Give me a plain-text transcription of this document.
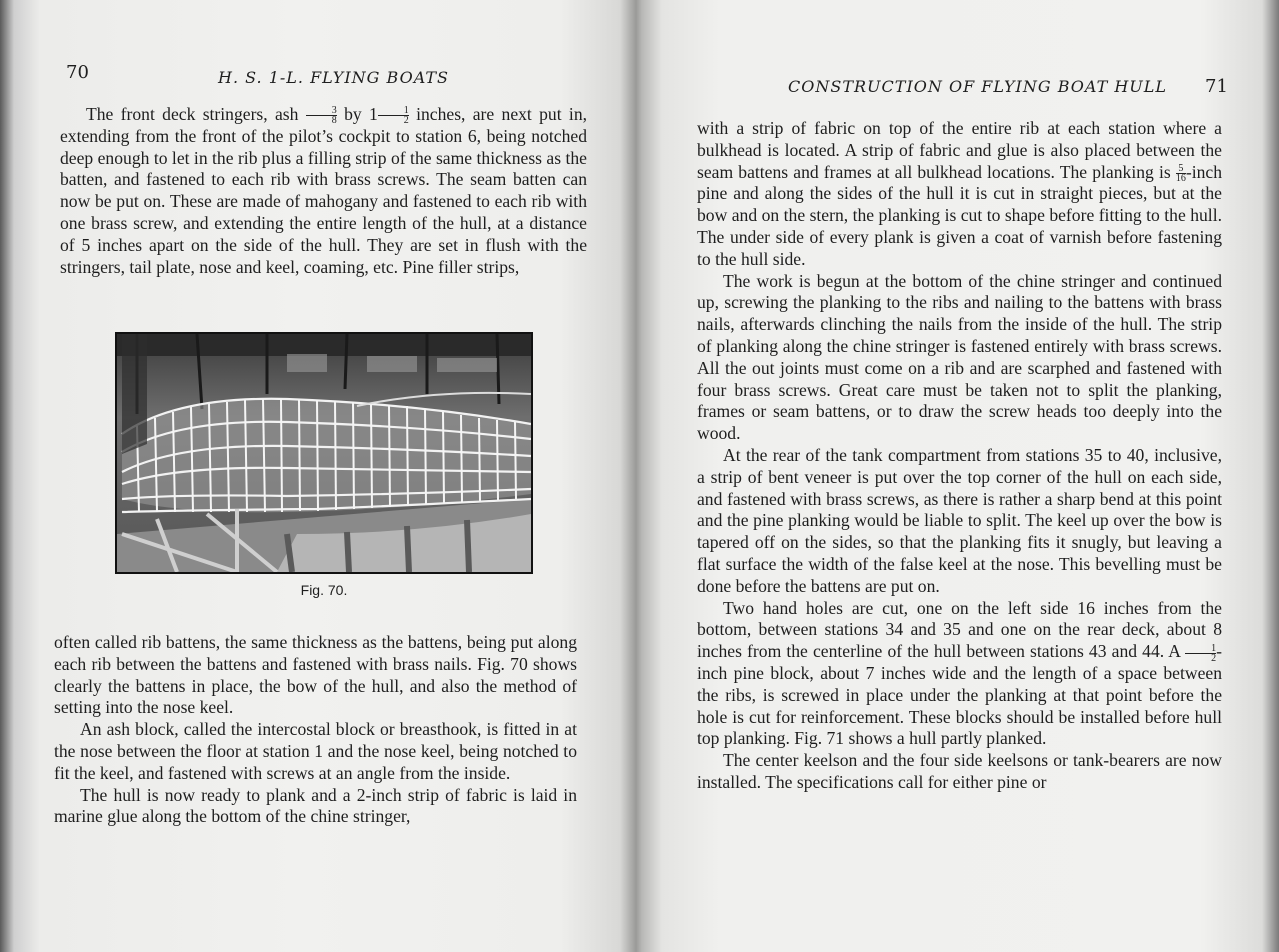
70	H. S. 1-L. FLYING BOATS

The front deck stringers, ash $\frac{3}{8}$ by $1 \frac{1}{2}$ inches, are next put in, extending from the front of the pilot’s cockpit to station 6, being notched deep enough to let in the rib plus a filling strip of the same thickness as the batten, and fastened to each rib with brass screws. The seam batten can now be put on. These are made of mahogany and fastened to each rib with one brass screw, and extending the entire length of the hull, at a distance of 5 inches apart on the side of the hull. They are set in flush with the stringers, tail plate, nose and keel, coaming, etc. Pine filler strips,

Fig. 70.

often called rib battens, the same thickness as the battens, being put along each rib between the battens and fastened with brass nails. Fig. 70 shows clearly the battens in place, the bow of the hull, and also the method of setting into the nose keel.

An ash block, called the intercostal block or breasthook, is fitted in at the nose between the floor at station 1 and the nose keel, being notched to fit the keel, and fastened with screws at an angle from the inside.

The hull is now ready to plank and a 2-inch strip of fabric is laid in marine glue along the bottom of the chine stringer,

CONSTRUCTION OF FLYING BOAT HULL 71

with a strip of fabric on top of the entire rib at each station where a bulkhead is located. A strip of fabric and glue is also placed between the seam battens and frames at all bulkhead locations. The planking is $\frac{5}{16}$ -inch pine and along the sides of the hull it is cut in straight pieces, but at the bow and on the stern, the planking is cut to shape before fitting to the hull. The under side of every plank is given a coat of varnish before fastening to the hull side.

The work is begun at the bottom of the chine stringer and continued up, screwing the planking to the ribs and nailing to the battens with brass nails, afterwards clinching the nails from the inside of the hull. The strip of planking along the chine stringer is fastened entirely with brass screws. All the out joints must come on a rib and are scarphed and fastened with four brass screws. Great care must be taken not to split the planking, frames or seam battens, or to draw the screw heads too deeply into the wood.

At the rear of the tank compartment from stations 35 to 40, inclusive, a strip of bent veneer is put over the top corner of the hull on each side, and fastened with brass screws, as there is rather a sharp bend at this point and the pine planking would be liable to split. The keel up over the bow is tapered off on the sides, so that the planking fits it snugly, but leaving a flat surface the width of the false keel at the nose. This bevelling must be done before the battens are put on.

Two hand holes are cut, one on the left side 16 inches from the bottom, between stations 34 and 35 and one on the rear deck, about 8 inches from the centerline of the hull between stations 43 and 44. A $\frac{1}{2}$ -inch pine block, about 7 inches wide and the length of a space between the ribs, is screwed in place under the planking at that point before the hole is cut for reinforcement. These blocks should be installed before hull top planking. Fig. 71 shows a hull partly planked.

The center keelson and the four side keelsons or tank-bearers are now installed. The specifications call for either pine or
